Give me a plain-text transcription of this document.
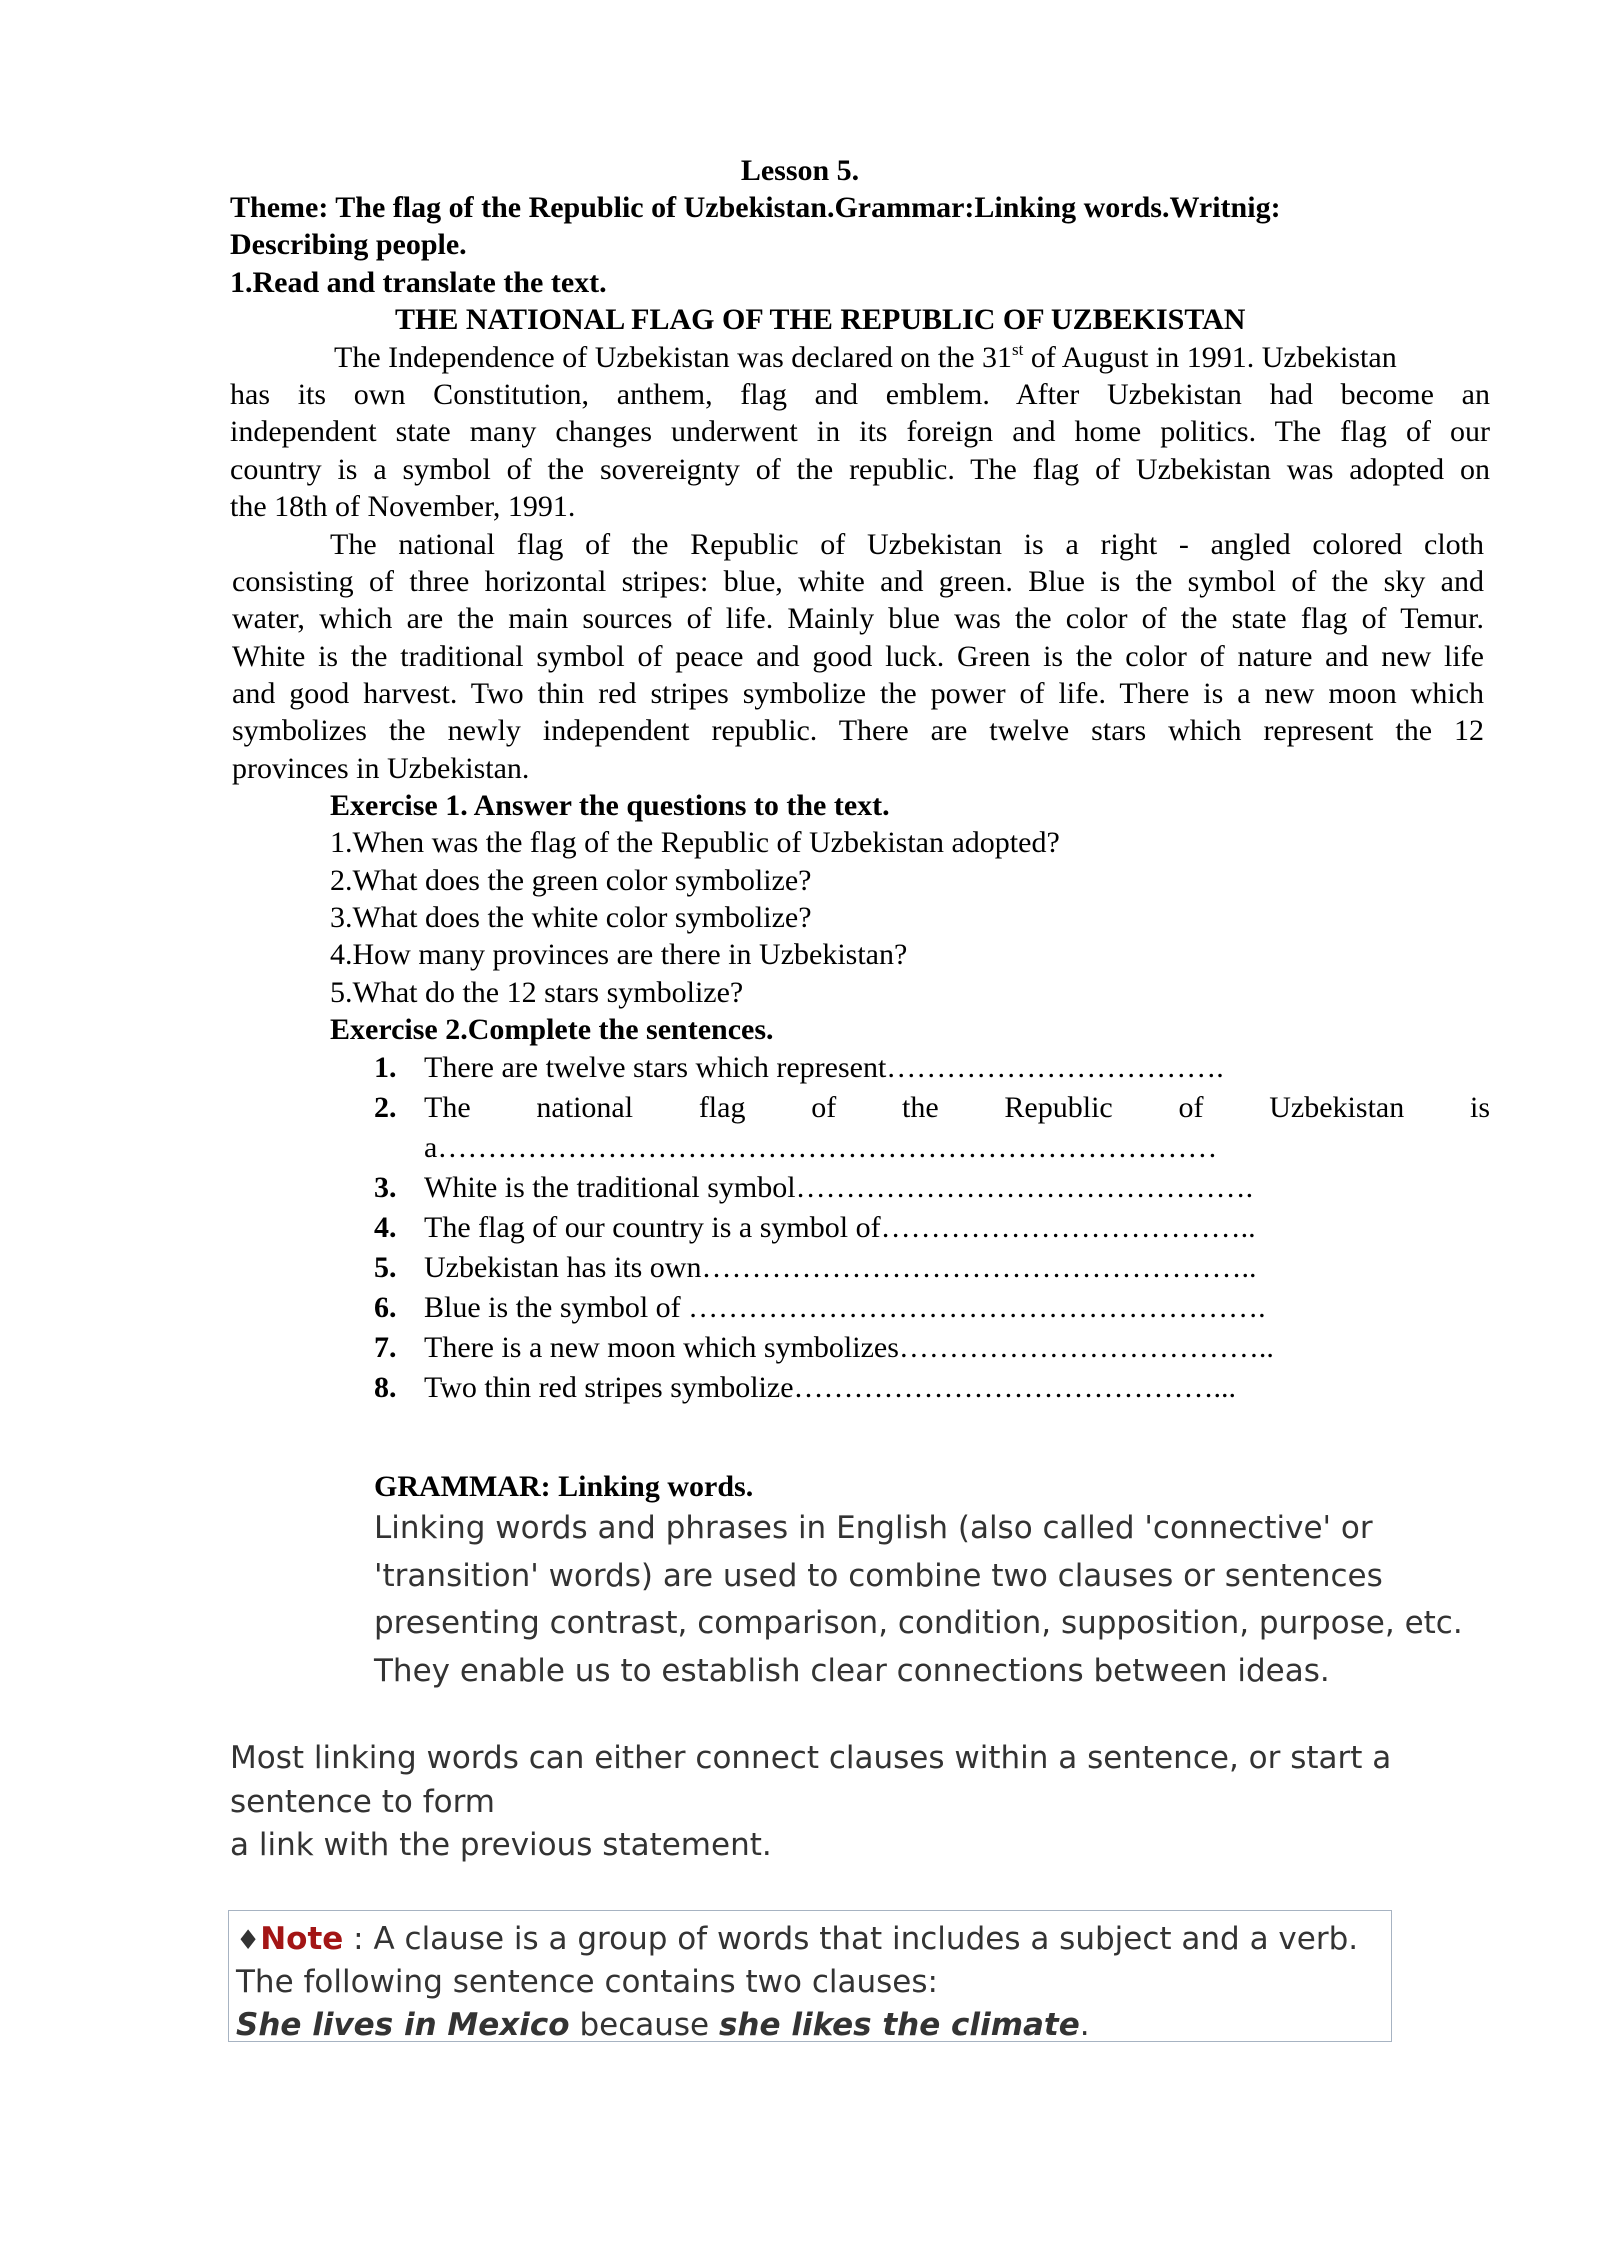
Lesson 5.
Theme: The flag of the Republic of Uzbekistan.Grammar:Linking words.Writnig:
Describing people.
1.Read and translate the text.
THE NATIONAL FLAG OF THE REPUBLIC OF UZBEKISTAN
The Independence of Uzbekistan was declared on the 31st of August in 1991. Uzbekistan
has its own Constitution, anthem, flag and emblem. After Uzbekistan had become an
independent state many changes underwent in its foreign and home politics. The flag of our
country is a symbol of the sovereignty of the republic. The flag of Uzbekistan was adopted on
the 18th of November, 1991.
The national flag of the Republic of Uzbekistan is a right - angled colored cloth
consisting of three horizontal stripes: blue, white and green. Blue is the symbol of the sky and
water, which are the main sources of life. Mainly blue was the color of the state flag of Temur.
White is the traditional symbol of peace and good luck. Green is the color of nature and new life
and good harvest. Two thin red stripes symbolize the power of life. There is a new moon which
symbolizes the newly independent republic. There are twelve stars which represent the 12
provinces in Uzbekistan.
Exercise 1. Answer the questions to the text.
1.When was the flag of the Republic of Uzbekistan adopted?
2.What does the green color symbolize?
3.What does the white color symbolize?
4.How many provinces are there in Uzbekistan?
5.What do the 12 stars symbolize?
Exercise 2.Complete the sentences.
1. There are twelve stars which represent…………………………….
2. The national flag of the Republic of Uzbekistan is
a……………………………………………………………………
3. White is the traditional symbol……………………………………….
4. The flag of our country is a symbol of………………………………..
5. Uzbekistan has its own………………………………………………..
6. Blue is the symbol of ………………………………………………….
7. There is a new moon which symbolizes………………………………..
8. Two thin red stripes symbolize……………………………………...
GRAMMAR: Linking words.
Linking words and phrases in English (also called 'connective' or
'transition' words) are used to combine two clauses or sentences
presenting contrast, comparison, condition, supposition, purpose, etc.
They enable us to establish clear connections between ideas.
Most linking words can either connect clauses within a sentence, or start a
sentence to form
a link with the previous statement.
♦Note : A clause is a group of words that includes a subject and a verb.
The following sentence contains two clauses:
She lives in Mexico because she likes the climate.
